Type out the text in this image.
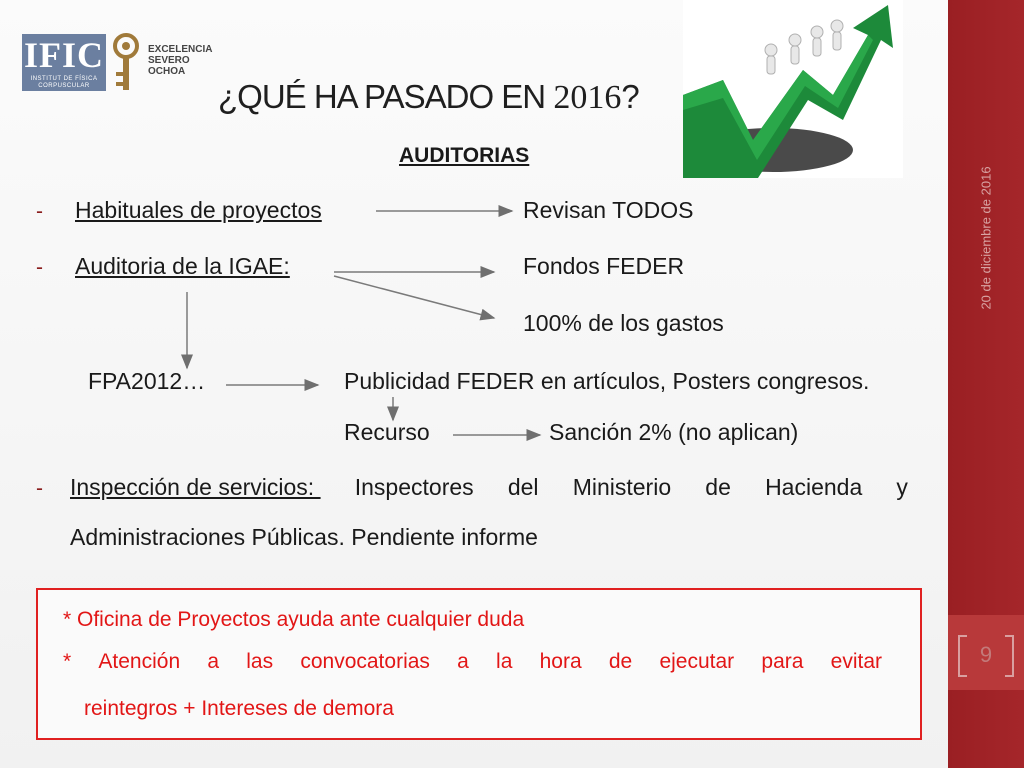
20 de diciembre de 2016
9
IFIC
INSTITUT DE FÍSICA
CORPUSCULAR
EXCELENCIA
SEVERO
OCHOA
¿QUÉ HA PASADO EN 2016?
AUDITORIAS
- Habituales de proyectos	Revisan TODOS
- Auditoria de la IGAE:	Fondos FEDER
100% de los gastos
FPA2012…	Publicidad FEDER en artículos, Posters congresos.
Recurso	Sanción 2% (no aplican)
- Inspección de servicios: Inspectores del Ministerio de Hacienda y
Administraciones Públicas. Pendiente informe
* Oficina de Proyectos ayuda ante cualquier duda
* Atención a las convocatorias a la hora de ejecutar para evitar
reintegros + Intereses de demora
